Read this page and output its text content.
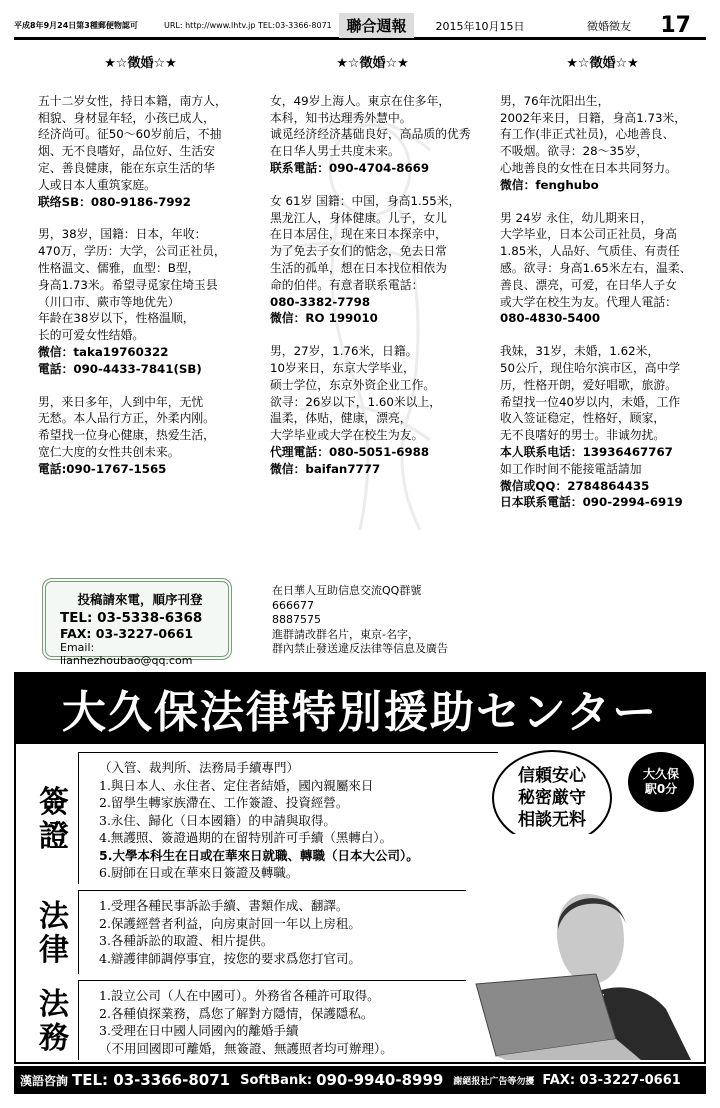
平成8年9月24日第3種郵便物認可	URL: http://www.lhtv.jp TEL:03-3366-8071 聯合週報	2015年10月15日	徵婚徵友	17
★☆徵婚☆★
五十二岁女性，持日本籍，南方人，
相貌、身材显年轻，小孩已成人，
经济尚可。征50～60岁前后，不抽
烟、无不良嗜好，品位好、生活安
定、善良健康，能在东京生活的华
人或日本人重筑家庭。
联络SB：080-9186-7992
男，38岁，国籍：日本，年收：
470万，学历：大学，公司正社员，
性格温文、儒雅，血型：B型，
身高1.73米。希望寻觅家住埼玉县
（川口市、蕨市等地优先）
年龄在38岁以下，性格温顺，
长的可爱女性结婚。
微信：taka19760322
電話：090-4433-7841(SB)
男，来日多年，人到中年，无忧
无愁。本人品行方正，外柔内刚。
希望找一位身心健康，热爱生活，
宽仁大度的女性共创未来。
電話:090-1767-1565
★☆徵婚☆★
女，49岁上海人。東京在住多年，
本科，知书达理秀外慧中。
诚觅经济经济基础良好，高品质的优秀
在日华人男士共度未来。
联系電話：090-4704-8669
女 61岁 国籍：中国，身高1.55米，
黑龙江人，身体健康。儿子，女儿
在日本居住，现在来日本探亲中，
为了免去子女们的惦念，免去日常
生活的孤单，想在日本找位相依为
命的伯伴。有意者联系電話：
080-3382-7798
微信：RO 199010
男，27岁，1.76米，日籍。
10岁来日，东京大学毕业，
硕士学位，东京外资企业工作。
欲寻：26岁以下，1.60米以上，
温柔，体贴，健康，漂亮，
大学毕业或大学在校生为友。
代理電話：080-5051-6988
微信：baifan7777
★☆徵婚☆★
男，76年沈阳出生，
2002年来日，日籍，身高1.73米，
有工作(非正式社员)，心地善良、
不吸烟。欲寻：28～35岁，
心地善良的女性在日本共同努力。
微信：fenghubo
男 24岁 永住，幼儿期来日，
大学毕业，日本公司正社员，身高
1.85米，人品好、气质佳、有责任
感。欲寻：身高1.65米左右，温柔、
善良、漂亮，可爱，在日华人子女
或大学在校生为友。代理人電話：
080-4830-5400
我妹，31岁，未婚，1.62米，
50公斤，现住哈尔滨市区，高中学
历，性格开朗，爱好唱歌，旅游。
希望找一位40岁以内，未婚，工作
收入签证稳定，性格好，顾家，
无不良嗜好的男士。非诚勿扰。
本人联系电话：13936467767
如工作时间不能接電話請加
微信或QQ：2784864435
日本联系電話：090-2994-6919
投稿請來電，順序刊登
TEL: 03-5338-6368
FAX: 03-3227-0661
Email: lianhezhoubao@qq.com
在日華人互助信息交流QQ群號
666677
8887575
進群請改群名片，東京-名字，
群內禁止發送違反法律等信息及廣告
大久保法律特別援助センター
簽
證
（入管、裁判所、法務局手續專門）
1.與日本人、永住者、定住者結婚，國內親屬來日
2.留學生轉家族滯在、工作簽證、投資經營。
3.永住、歸化（日本國籍）的申請與取得。
4.無護照、簽證過期的在留特別許可手續（黑轉白）。
5.大學本科生在日或在華來日就職、轉職（日本大公司）。
6.厨師在日或在華來日簽證及轉職。
法
律
1.受理各種民事訴訟手續、書類作成、翻譯。
2.保護經營者利益，向房東討回一年以上房租。
3.各種訴訟的取證、相片提供。
4.辯護律師調停事宜，按您的要求爲您打官司。
法
務
1.設立公司（人在中國可）。外務省各種許可取得。
2.各種偵探業務，爲您了解對方隱情，保護隱私。
3.受理在日中國人同國內的離婚手續
（不用回國即可離婚，無簽證、無護照者均可辦理）。
信頼安心
秘密厳守
相談无料
大久保
駅0分
漢語咨詢 TEL: 03-3366-8071 SoftBank: 090-9940-8999 謝絕报社广告等勿擾 FAX: 03-3227-0661
